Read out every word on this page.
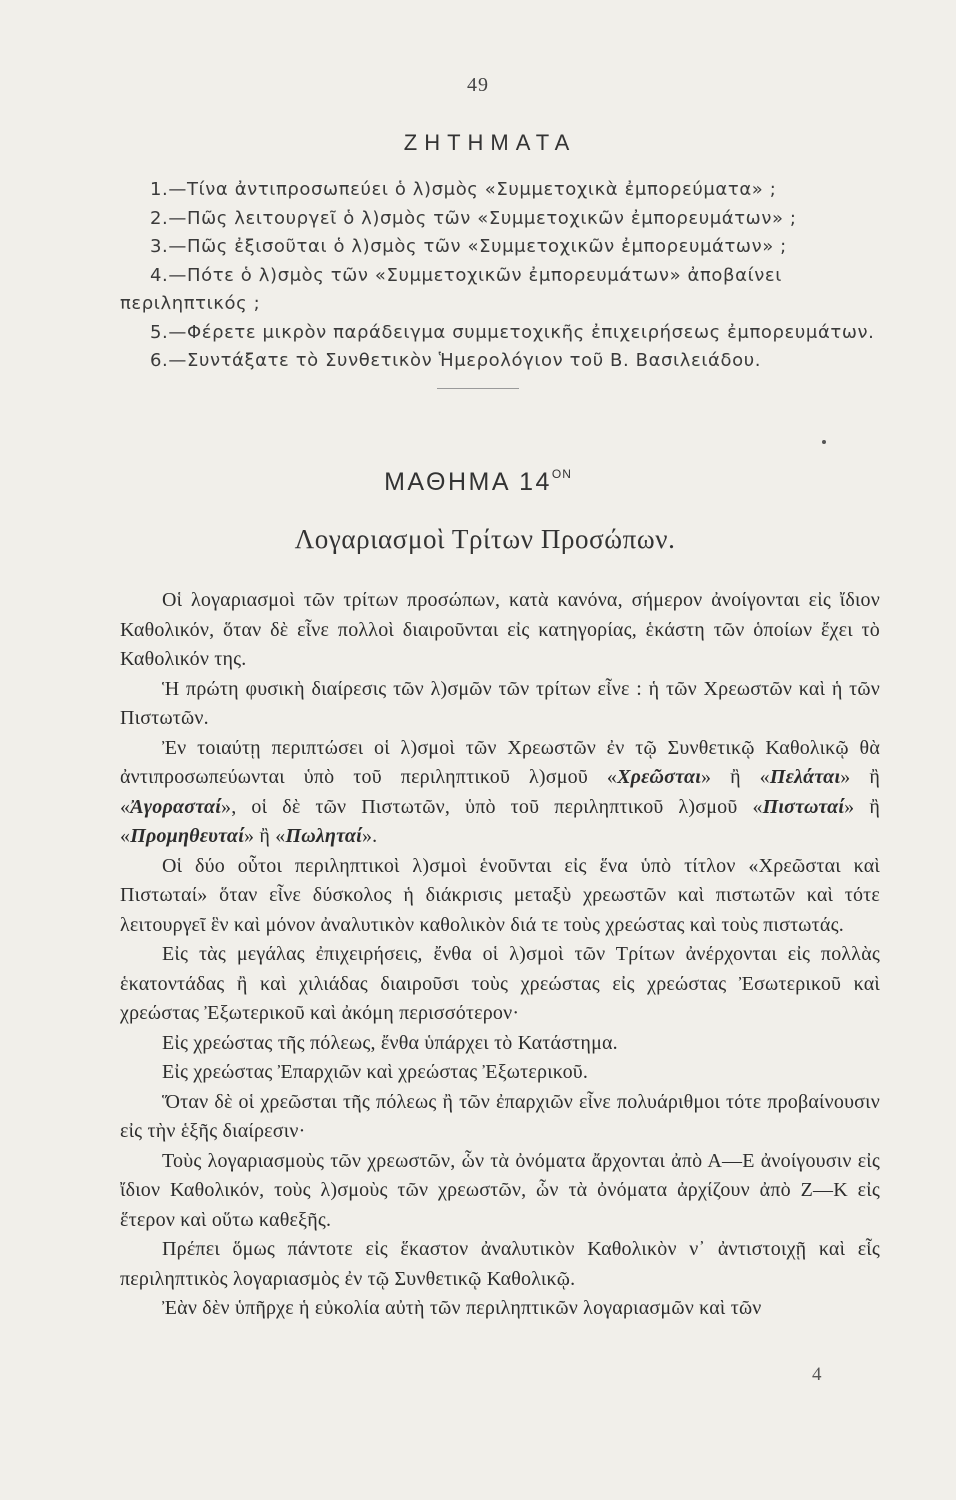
49
ΖΗΤΗΜΑΤΑ
1.—Τίνα ἀντιπροσωπεύει ὁ λ)σμὸς «Συμμετοχικὰ ἐμπορεύματα» ;
2.—Πῶς λειτουργεῖ ὁ λ)σμὸς τῶν «Συμμετοχικῶν ἐμπορευμάτων» ;
3.—Πῶς ἐξισοῦται ὁ λ)σμὸς τῶν «Συμμετοχικῶν ἐμπορευμάτων» ;
4.—Πότε ὁ λ)σμὸς τῶν «Συμμετοχικῶν ἐμπορευμάτων» ἀποβαίνει περιληπτικός ;
5.—Φέρετε μικρὸν παράδειγμα συμμετοχικῆς ἐπιχειρήσεως ἐμπορευμάτων.
6.—Συντάξατε τὸ Συνθετικὸν Ἡμερολόγιον τοῦ Β. Βασιλειάδου.
ΜΑΘΗΜΑ $14^{ON}$
Λογαριασμοὶ Τρίτων Προσώπων.

Οἱ λογαριασμοὶ τῶν τρίτων προσώπων, κατὰ κανόνα, σήμερον ἀνοίγονται εἰς ἴδιον Καθολικόν, ὅταν δὲ εἶνε πολλοὶ διαιροῦνται εἰς κατηγορίας, ἑκάστη τῶν ὁποίων ἔχει τὸ Καθολικόν της.

Ἡ πρώτη φυσικὴ διαίρεσις τῶν λ)σμῶν τῶν τρίτων εἶνε : ἡ τῶν Χρεωστῶν καὶ ἡ τῶν Πιστωτῶν.

Ἐν τοιαύτῃ περιπτώσει οἱ λ)σμοὶ τῶν Χρεωστῶν ἐν τῷ Συνθετικῷ Καθολικῷ θὰ ἀντιπροσωπεύωνται ὑπὸ τοῦ περιληπτικοῦ λ)σμοῦ «Χρεῶσται» ἢ «Πελάται» ἢ «Ἀγορασταί», οἱ δὲ τῶν Πιστωτῶν, ὑπὸ τοῦ περιληπτικοῦ λ)σμοῦ «Πιστωταί» ἢ «Προμηθευταί» ἢ «Πωληταί».

Οἱ δύο οὗτοι περιληπτικοὶ λ)σμοὶ ἑνοῦνται εἰς ἕνα ὑπὸ τίτλον «Χρεῶσται καὶ Πιστωταί» ὅταν εἶνε δύσκολος ἡ διάκρισις μεταξὺ χρεωστῶν καὶ πιστωτῶν καὶ τότε λειτουργεῖ ἓν καὶ μόνον ἀναλυτικὸν καθολικὸν διά τε τοὺς χρεώστας καὶ τοὺς πιστωτάς.

Εἰς τὰς μεγάλας ἐπιχειρήσεις, ἔνθα οἱ λ)σμοὶ τῶν Τρίτων ἀνέρχονται εἰς πολλὰς ἑκατοντάδας ἢ καὶ χιλιάδας διαιροῦσι τοὺς χρεώστας εἰς χρεώστας Ἐσωτερικοῦ καὶ χρεώστας Ἐξωτερικοῦ καὶ ἀκόμη περισσότερον·

Εἰς χρεώστας τῆς πόλεως, ἔνθα ὑπάρχει τὸ Κατάστημα.

Εἰς χρεώστας Ἐπαρχιῶν καὶ χρεώστας Ἐξωτερικοῦ.

Ὅταν δὲ οἱ χρεῶσται τῆς πόλεως ἢ τῶν ἐπαρχιῶν εἶνε πολυάριθμοι τότε προβαίνουσιν εἰς τὴν ἑξῆς διαίρεσιν·

Τοὺς λογαριασμοὺς τῶν χρεωστῶν, ὧν τὰ ὀνόματα ἄρχονται ἀπὸ Α—Ε ἀνοίγουσιν εἰς ἴδιον Καθολικόν, τοὺς λ)σμοὺς τῶν χρεωστῶν, ὧν τὰ ὀνόματα ἀρχίζουν ἀπὸ Ζ—Κ εἰς ἕτερον καὶ οὕτω καθεξῆς.

Πρέπει ὅμως πάντοτε εἰς ἕκαστον ἀναλυτικὸν Καθολικὸν ν᾿ ἀντιστοιχῇ καὶ εἷς περιληπτικὸς λογαριασμὸς ἐν τῷ Συνθετικῷ Καθολικῷ.

Ἐὰν δὲν ὑπῆρχε ἡ εὐκολία αὐτὴ τῶν περιληπτικῶν λογαριασμῶν καὶ τῶν

4
